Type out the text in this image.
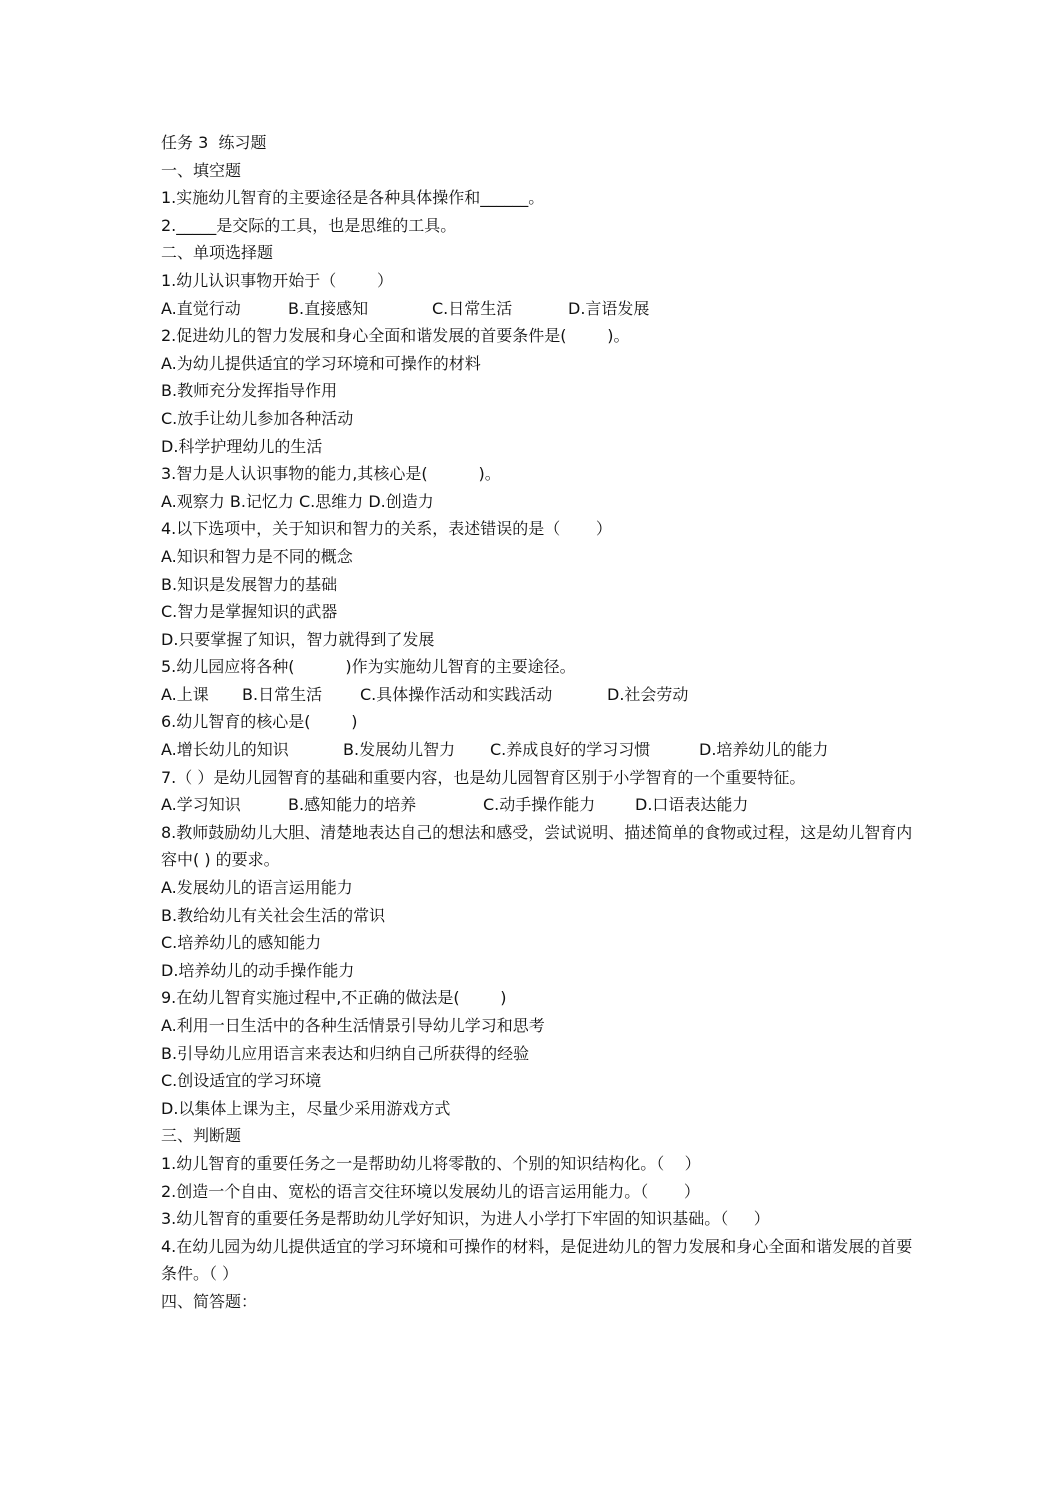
任务 3  练习题
一、填空题
1.实施幼儿智育的主要途径是各种具体操作和______。
2._____是交际的工具，也是思维的工具。
二、单项选择题
1.幼儿认识事物开始于（        ）
A.直觉行动	B.直接感知	C.日常生活	D.言语发展
2.促进幼儿的智力发展和身心全面和谐发展的首要条件是(        )。
A.为幼儿提供适宜的学习环境和可操作的材料
B.教师充分发挥指导作用
C.放手让幼儿参加各种活动
D.科学护理幼儿的生活
3.智力是人认识事物的能力,其核心是(          )。
A.观察力 B.记忆力 C.思维力 D.创造力
4.以下选项中，关于知识和智力的关系，表述错误的是（       ）
A.知识和智力是不同的概念
B.知识是发展智力的基础
C.智力是掌握知识的武器
D.只要掌握了知识，智力就得到了发展
5.幼儿园应将各种(          )作为实施幼儿智育的主要途径。
A.上课	B.日常生活	C.具体操作活动和实践活动	D.社会劳动
6.幼儿智育的核心是(        )
A.增长幼儿的知识	B.发展幼儿智力	C.养成良好的学习习惯	D.培养幼儿的能力
7.（ ）是幼儿园智育的基础和重要内容，也是幼儿园智育区别于小学智育的一个重要特征。
A.学习知识	B.感知能力的培养	C.动手操作能力	D.口语表达能力
8.教师鼓励幼儿大胆、清楚地表达自己的想法和感受，尝试说明、描述简单的食物或过程，这是幼儿智育内容中( ) 的要求。
A.发展幼儿的语言运用能力
B.教给幼儿有关社会生活的常识
C.培养幼儿的感知能力
D.培养幼儿的动手操作能力
9.在幼儿智育实施过程中,不正确的做法是(        )
A.利用一日生活中的各种生活情景引导幼儿学习和思考
B.引导幼儿应用语言来表达和归纳自己所获得的经验
C.创设适宜的学习环境
D.以集体上课为主，尽量少采用游戏方式
三、判断题
1.幼儿智育的重要任务之一是帮助幼儿将零散的、个别的知识结构化。（    ）
2.创造一个自由、宽松的语言交往环境以发展幼儿的语言运用能力。（       ）
3.幼儿智育的重要任务是帮助幼儿学好知识，为进人小学打下牢固的知识基础。（     ）
4.在幼儿园为幼儿提供适宜的学习环境和可操作的材料，是促进幼儿的智力发展和身心全面和谐发展的首要条件。（ ）
四、简答题：
